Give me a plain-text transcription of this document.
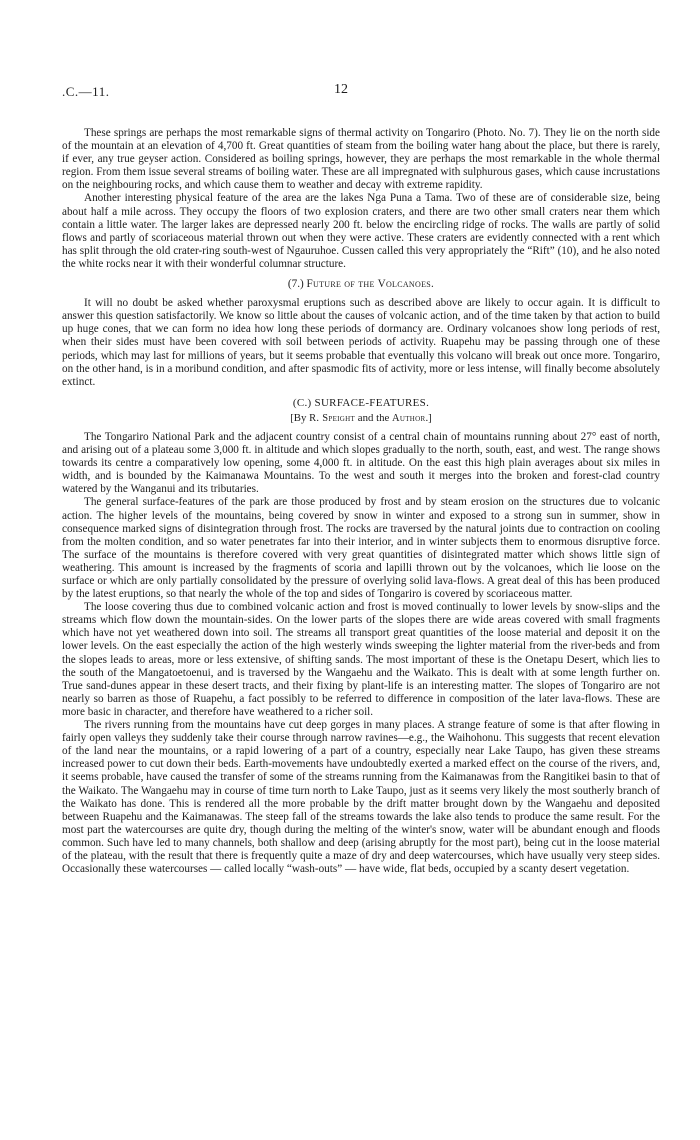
.C.—11.	12

These springs are perhaps the most remarkable signs of thermal activity on Tongariro (Photo. No. 7). They lie on the north side of the mountain at an elevation of 4,700 ft. Great quantities of steam from the boiling water hang about the place, but there is rarely, if ever, any true geyser action. Considered as boiling springs, however, they are perhaps the most remarkable in the whole thermal region. From them issue several streams of boiling water. These are all impregnated with sulphurous gases, which cause incrustations on the neighbouring rocks, and which cause them to weather and decay with extreme rapidity.

Another interesting physical feature of the area are the lakes Nga Puna a Tama. Two of these are of considerable size, being about half a mile across. They occupy the floors of two explosion craters, and there are two other small craters near them which contain a little water. The larger lakes are depressed nearly 200 ft. below the encircling ridge of rocks. The walls are partly of solid flows and partly of scoriaceous material thrown out when they were active. These craters are evidently connected with a rent which has split through the old crater-ring south-west of Ngauruhoe. Cussen called this very appropriately the “Rift” (10), and he also noted the white rocks near it with their wonderful columnar structure.

(7.) Future of the Volcanoes.

It will no doubt be asked whether paroxysmal eruptions such as described above are likely to occur again. It is difficult to answer this question satisfactorily. We know so little about the causes of volcanic action, and of the time taken by that action to build up huge cones, that we can form no idea how long these periods of dormancy are. Ordinary volcanoes show long periods of rest, when their sides must have been covered with soil between periods of activity. Ruapehu may be passing through one of these periods, which may last for millions of years, but it seems probable that eventually this volcano will break out once more. Tongariro, on the other hand, is in a moribund condition, and after spasmodic fits of activity, more or less intense, will finally become absolutely extinct.

(C.) SURFACE-FEATURES.
[By R. Speight and the Author.]

The Tongariro National Park and the adjacent country consist of a central chain of mountains running about 27° east of north, and arising out of a plateau some 3,000 ft. in altitude and which slopes gradually to the north, south, east, and west. The range shows towards its centre a comparatively low opening, some 4,000 ft. in altitude. On the east this high plain averages about six miles in width, and is bounded by the Kaimanawa Mountains. To the west and south it merges into the broken and forest-clad country watered by the Wanganui and its tributaries.

The general surface-features of the park are those produced by frost and by steam erosion on the structures due to volcanic action. The higher levels of the mountains, being covered by snow in winter and exposed to a strong sun in summer, show in consequence marked signs of disintegration through frost. The rocks are traversed by the natural joints due to contraction on cooling from the molten condition, and so water penetrates far into their interior, and in winter subjects them to enormous disruptive force. The surface of the mountains is therefore covered with very great quantities of disintegrated matter which shows little sign of weathering. This amount is increased by the fragments of scoria and lapilli thrown out by the volcanoes, which lie loose on the surface or which are only partially consolidated by the pressure of overlying solid lava-flows. A great deal of this has been produced by the latest eruptions, so that nearly the whole of the top and sides of Tongariro is covered by scoriaceous matter.

The loose covering thus due to combined volcanic action and frost is moved continually to lower levels by snow-slips and the streams which flow down the mountain-sides. On the lower parts of the slopes there are wide areas covered with small fragments which have not yet weathered down into soil. The streams all transport great quantities of the loose material and deposit it on the lower levels. On the east especially the action of the high westerly winds sweeping the lighter material from the river-beds and from the slopes leads to areas, more or less extensive, of shifting sands. The most important of these is the Onetapu Desert, which lies to the south of the Mangatoetoenui, and is traversed by the Wangaehu and the Waikato. This is dealt with at some length further on. True sand-dunes appear in these desert tracts, and their fixing by plant-life is an interesting matter. The slopes of Tongariro are not nearly so barren as those of Ruapehu, a fact possibly to be referred to difference in composition of the later lava-flows. These are more basic in character, and therefore have weathered to a richer soil.

The rivers running from the mountains have cut deep gorges in many places. A strange feature of some is that after flowing in fairly open valleys they suddenly take their course through narrow ravines—e.g., the Waihohonu. This suggests that recent elevation of the land near the mountains, or a rapid lowering of a part of a country, especially near Lake Taupo, has given these streams increased power to cut down their beds. Earth-movements have undoubtedly exerted a marked effect on the course of the rivers, and, it seems probable, have caused the transfer of some of the streams running from the Kaimanawas from the Rangitikei basin to that of the Waikato. The Wangaehu may in course of time turn north to Lake Taupo, just as it seems very likely the most southerly branch of the Waikato has done. This is rendered all the more probable by the drift matter brought down by the Wangaehu and deposited between Ruapehu and the Kaimanawas. The steep fall of the streams towards the lake also tends to produce the same result. For the most part the watercourses are quite dry, though during the melting of the winter's snow, water will be abundant enough and floods common. Such have led to many channels, both shallow and deep (arising abruptly for the most part), being cut in the loose material of the plateau, with the result that there is frequently quite a maze of dry and deep watercourses, which have usually very steep sides. Occasionally these watercourses — called locally “wash-outs” — have wide, flat beds, occupied by a scanty desert vegetation.
